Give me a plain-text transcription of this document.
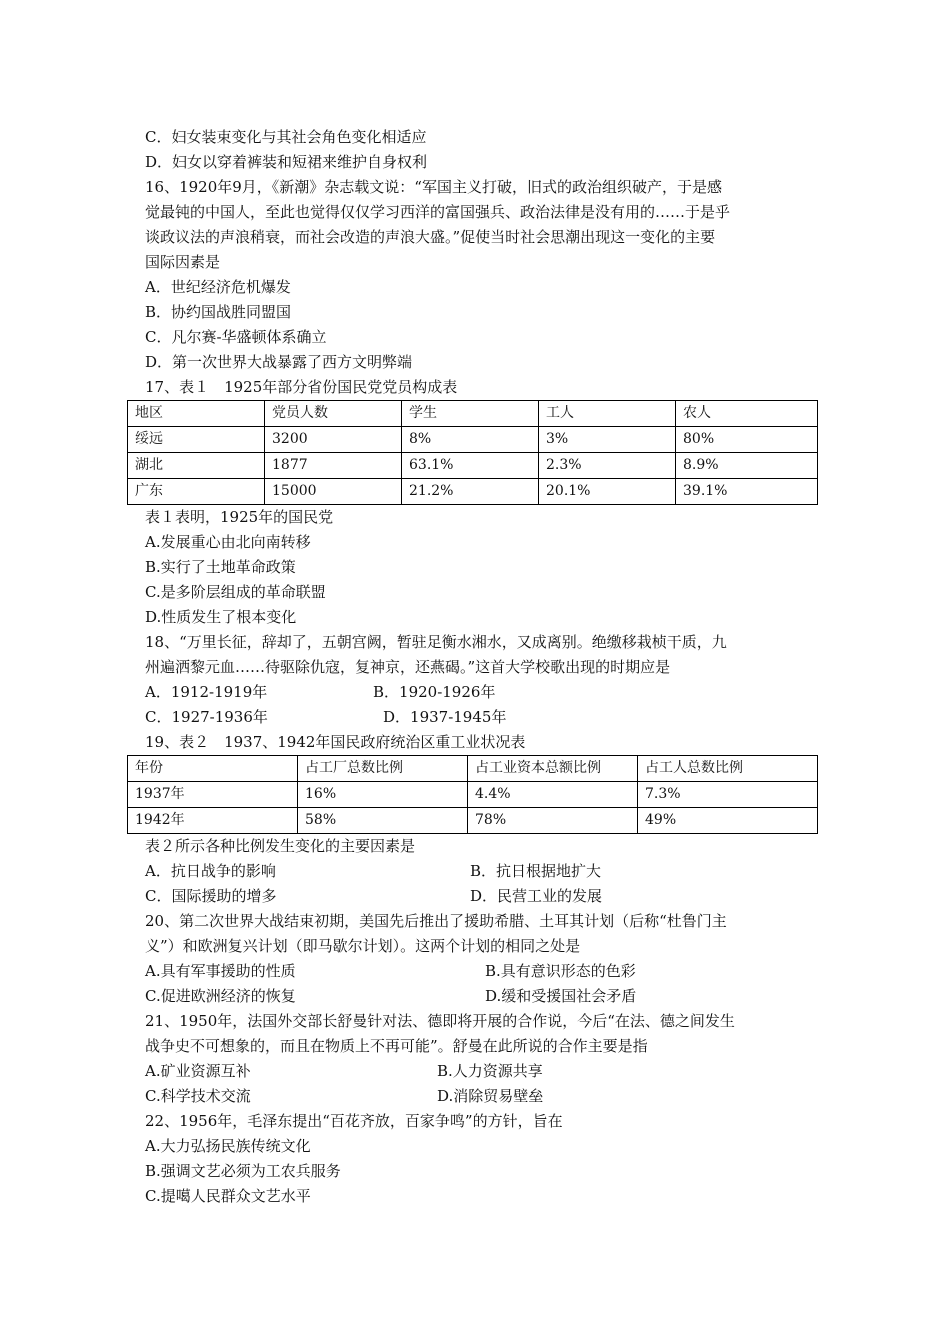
C．妇女装束变化与其社会角色变化相适应
D．妇女以穿着裤装和短裙来维护自身权利
16、1920年9月，《新潮》杂志载文说：“军国主义打破，旧式的政治组织破产，于是感
觉最钝的中国人，至此也觉得仅仅学习西洋的富国强兵、政治法律是没有用的……于是乎
谈政议法的声浪稍衰，而社会改造的声浪大盛。”促使当时社会思潮出现这一变化的主要
国际因素是
A．世纪经济危机爆发
B．协约国战胜同盟国
C．凡尔赛-华盛顿体系确立
D．第一次世界大战暴露了西方文明弊端
17、表１　1925年部分省份国民党党员构成表
地区	党员人数	学生	工人	农人
绥远	3200	8%	3%	80%
湖北	1877	63.1%	2.3%	8.9%
广东	15000	21.2%	20.1%	39.1%
表１表明，1925年的国民党
A.发展重心由北向南转移
B.实行了土地革命政策
C.是多阶层组成的革命联盟
D.性质发生了根本变化
18、“万里长征，辞却了，五朝宫阙，暂驻足衡水湘水，又成离别。绝缴移栽桢干质，九
州遍洒黎元血……待驱除仇寇，复神京，还燕碣。”这首大学校歌出现的时期应是
A．1912-1919年	B．1920-1926年
C．1927-1936年	D．1937-1945年
19、表２　1937、1942年国民政府统治区重工业状况表
年份	占工厂总数比例	占工业资本总额比例	占工人总数比例
1937年	16%	4.4%	7.3%
1942年	58%	78%	49%
表２所示各种比例发生变化的主要因素是
A．抗日战争的影响	B．抗日根据地扩大
C．国际援助的增多	D．民营工业的发展
20、第二次世界大战结束初期，美国先后推出了援助希腊、土耳其计划（后称“杜鲁门主
义”）和欧洲复兴计划（即马歇尔计划）。这两个计划的相同之处是
A.具有军事援助的性质	B.具有意识形态的色彩
C.促进欧洲经济的恢复	D.缓和受援国社会矛盾
21、1950年，法国外交部长舒曼针对法、德即将开展的合作说，今后“在法、德之间发生
战争史不可想象的，而且在物质上不再可能”。舒曼在此所说的合作主要是指
A.矿业资源互补	B.人力资源共享
C.科学技术交流	D.消除贸易壁垒
22、1956年，毛泽东提出“百花齐放，百家争鸣”的方针，旨在
A.大力弘扬民族传统文化
B.强调文艺必须为工农兵服务
C.提噶人民群众文艺水平
